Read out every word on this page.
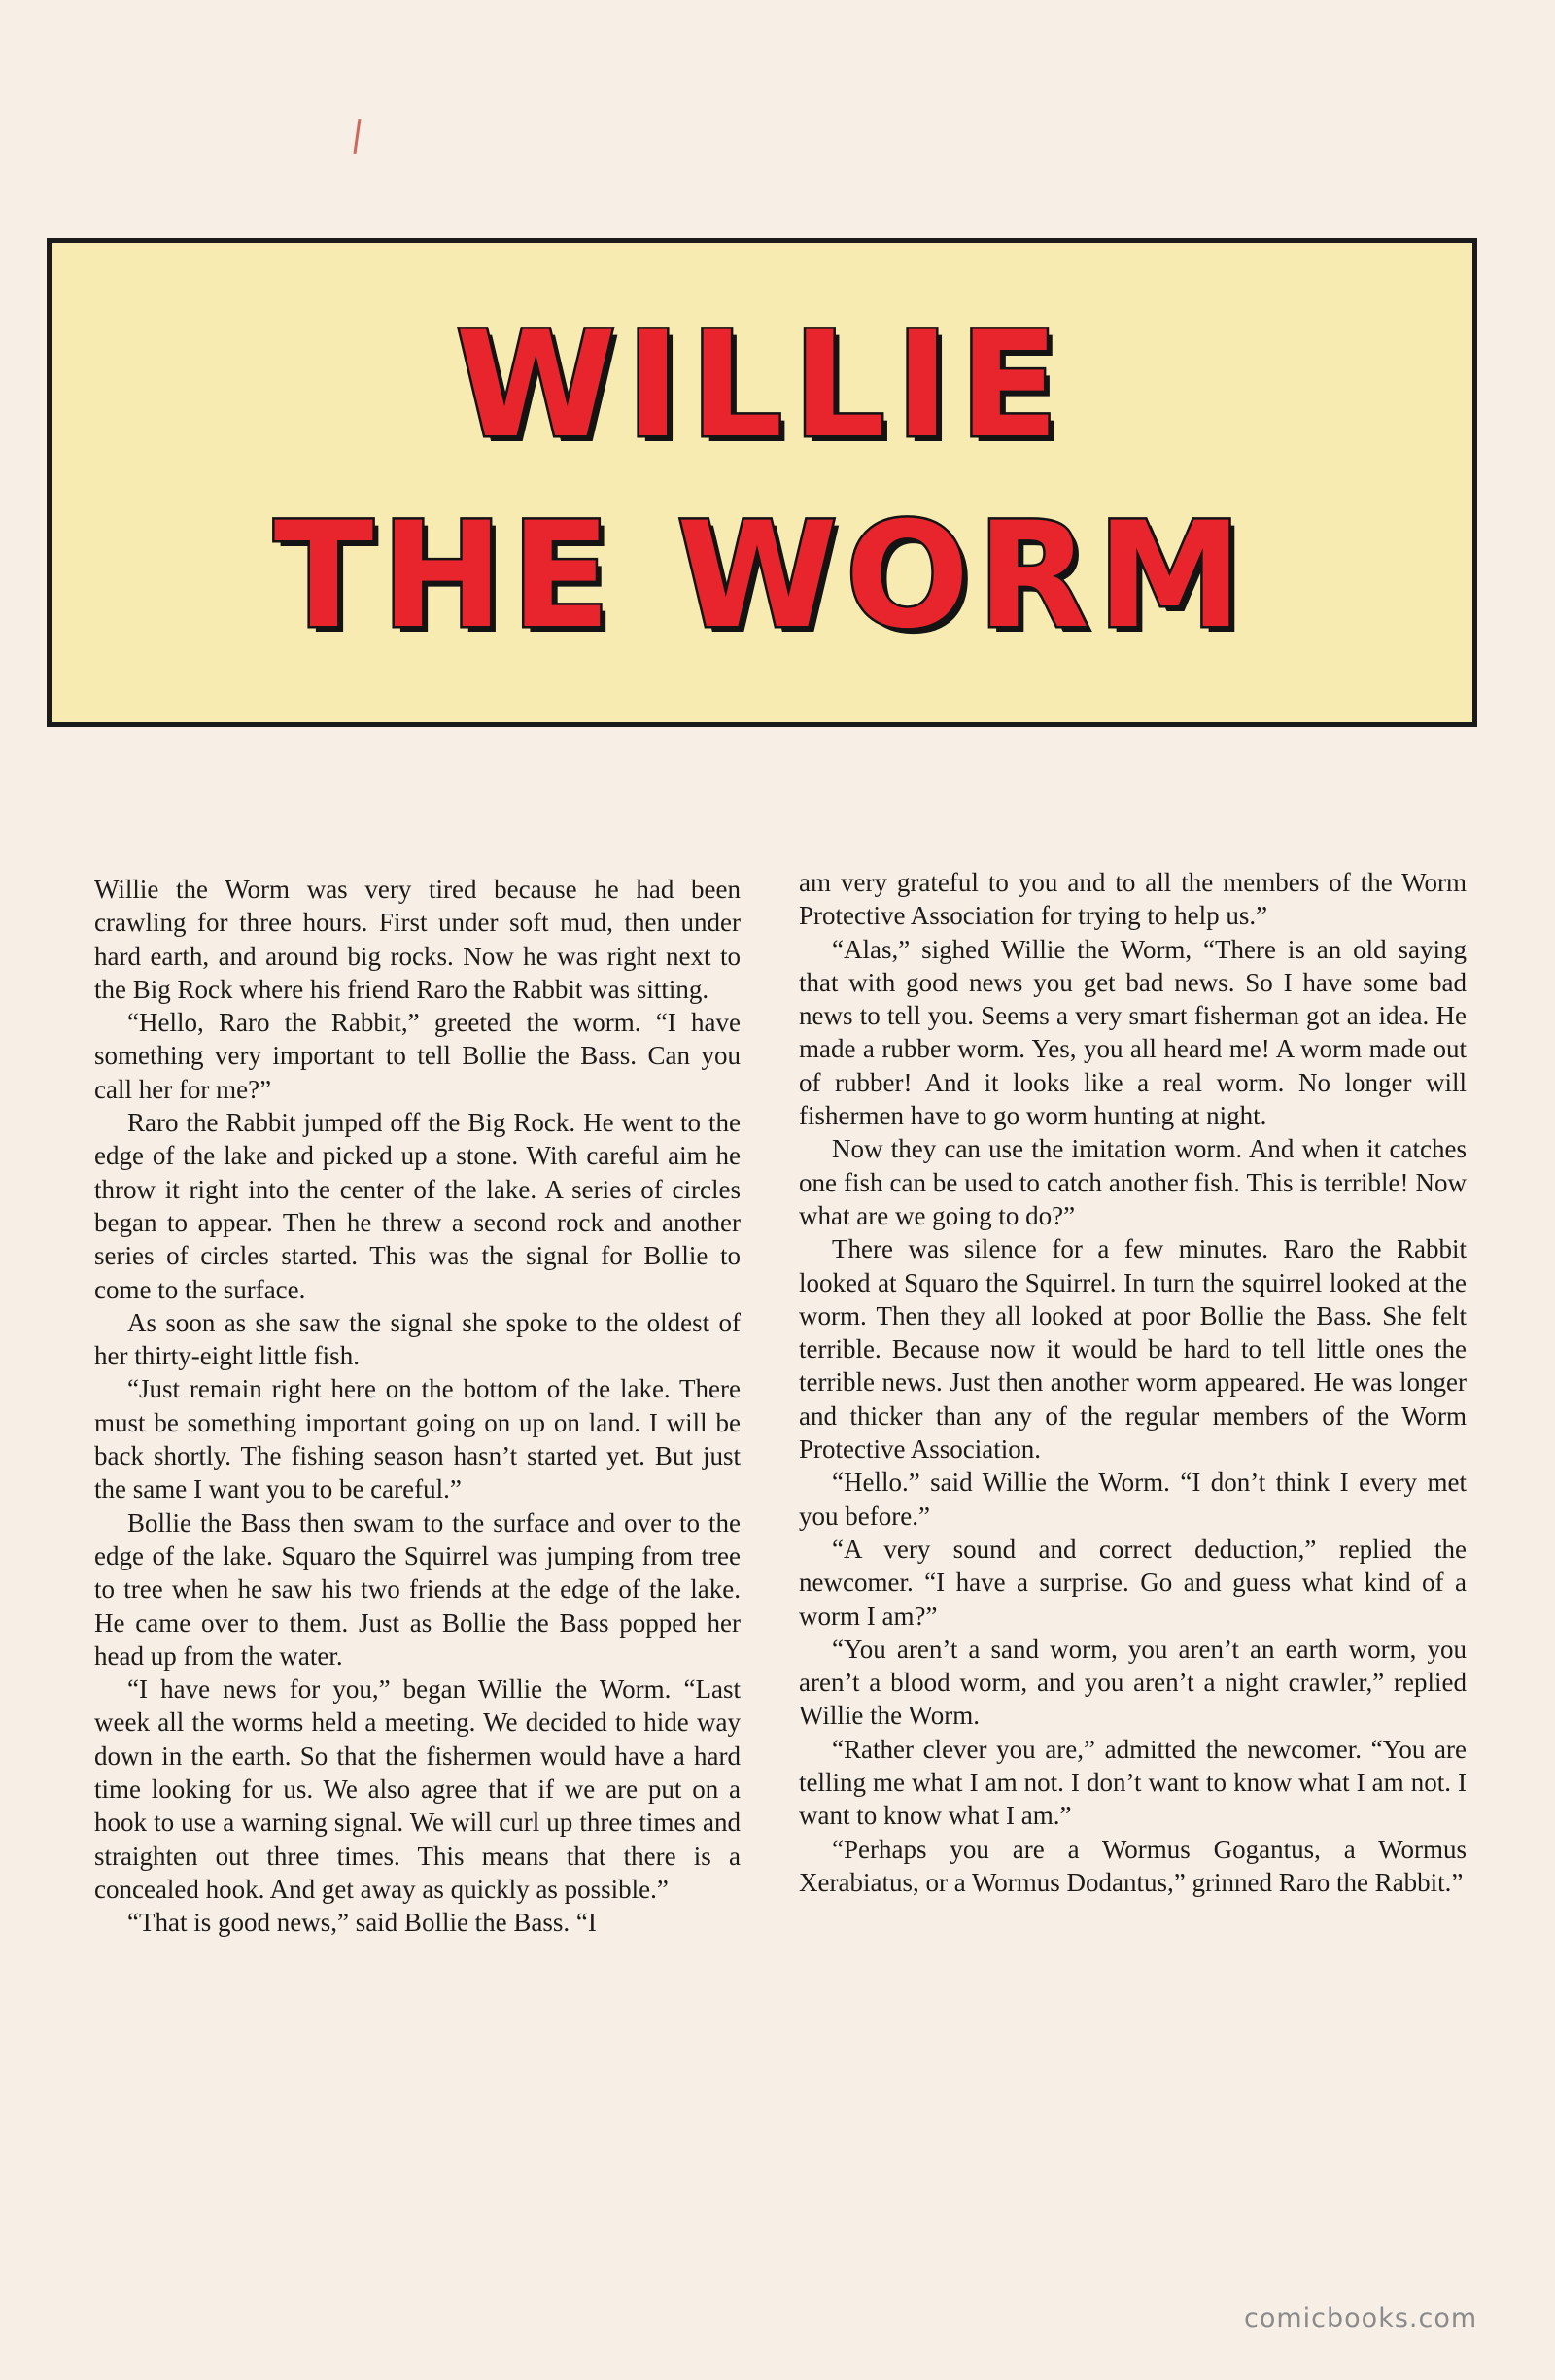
WILLIE
THE WORM

Willie the Worm was very tired because he had been crawling for three hours. First under soft mud, then under hard earth, and around big rocks. Now he was right next to the Big Rock where his friend Raro the Rabbit was sitting.

“Hello, Raro the Rabbit,” greeted the worm. “I have something very important to tell Bollie the Bass. Can you call her for me?”

Raro the Rabbit jumped off the Big Rock. He went to the edge of the lake and picked up a stone. With careful aim he throw it right into the center of the lake. A series of circles began to appear. Then he threw a second rock and another series of circles started. This was the signal for Bollie to come to the surface.

As soon as she saw the signal she spoke to the oldest of her thirty-eight little fish.

“Just remain right here on the bottom of the lake. There must be something important going on up on land. I will be back shortly. The fishing season hasn’t started yet. But just the same I want you to be careful.”

Bollie the Bass then swam to the surface and over to the edge of the lake. Squaro the Squirrel was jumping from tree to tree when he saw his two friends at the edge of the lake. He came over to them. Just as Bollie the Bass popped her head up from the water.

“I have news for you,” began Willie the Worm. “Last week all the worms held a meeting. We decided to hide way down in the earth. So that the fishermen would have a hard time looking for us. We also agree that if we are put on a hook to use a warning signal. We will curl up three times and straighten out three times. This means that there is a concealed hook. And get away as quickly as possible.”

“That is good news,” said Bollie the Bass. “I

am very grateful to you and to all the members of the Worm Protective Association for trying to help us.”

“Alas,” sighed Willie the Worm, “There is an old saying that with good news you get bad news. So I have some bad news to tell you. Seems a very smart fisherman got an idea. He made a rubber worm. Yes, you all heard me! A worm made out of rubber! And it looks like a real worm. No longer will fishermen have to go worm hunting at night.

Now they can use the imitation worm. And when it catches one fish can be used to catch another fish. This is terrible! Now what are we going to do?”

There was silence for a few minutes. Raro the Rabbit looked at Squaro the Squirrel. In turn the squirrel looked at the worm. Then they all looked at poor Bollie the Bass. She felt terrible. Because now it would be hard to tell little ones the terrible news. Just then another worm appeared. He was longer and thicker than any of the regular members of the Worm Protective Association.

“Hello.” said Willie the Worm. “I don’t think I every met you before.”

“A very sound and correct deduction,” replied the newcomer. “I have a surprise. Go and guess what kind of a worm I am?”

“You aren’t a sand worm, you aren’t an earth worm, you aren’t a blood worm, and you aren’t a night crawler,” replied Willie the Worm.

“Rather clever you are,” admitted the newcomer. “You are telling me what I am not. I don’t want to know what I am not. I want to know what I am.”

“Perhaps you are a Wormus Gogantus, a Wormus Xerabiatus, or a Wormus Dodantus,” grinned Raro the Rabbit.”

comicbooks.com
